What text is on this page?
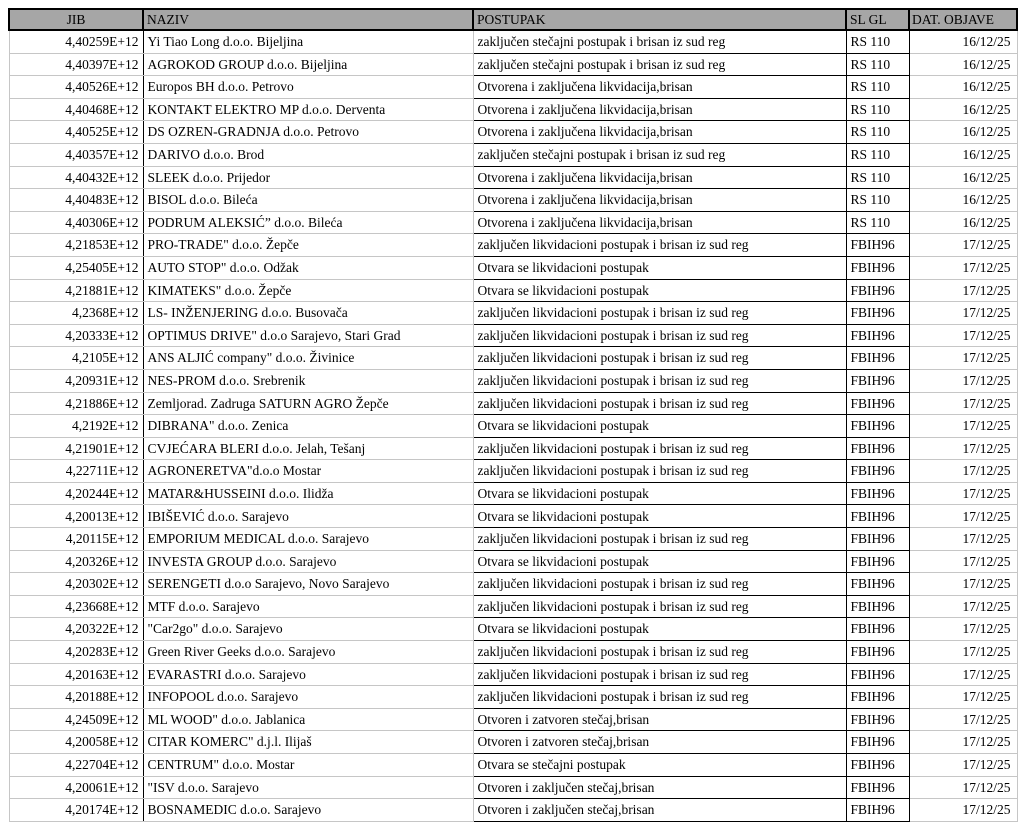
JIB	NAZIV	POSTUPAK	SL GL	DAT. OBJAVE
4,40259E+12	Yi Tiao Long d.o.o. Bijeljina	zaključen stečajni postupak i brisan iz sud reg	RS 110	16/12/25
4,40397E+12	AGROKOD GROUP d.o.o. Bijeljina	zaključen stečajni postupak i brisan iz sud reg	RS 110	16/12/25
4,40526E+12	Europos BH d.o.o. Petrovo	Otvorena i zaključena likvidacija,brisan	RS 110	16/12/25
4,40468E+12	KONTAKT ELEKTRO MP d.o.o. Derventa	Otvorena i zaključena likvidacija,brisan	RS 110	16/12/25
4,40525E+12	DS OZREN-GRADNJA d.o.o. Petrovo	Otvorena i zaključena likvidacija,brisan	RS 110	16/12/25
4,40357E+12	DARIVO d.o.o. Brod	zaključen stečajni postupak i brisan iz sud reg	RS 110	16/12/25
4,40432E+12	SLEEK d.o.o. Prijedor	Otvorena i zaključena likvidacija,brisan	RS 110	16/12/25
4,40483E+12	BISOL d.o.o. Bileća	Otvorena i zaključena likvidacija,brisan	RS 110	16/12/25
4,40306E+12	PODRUM ALEKSIĆ” d.o.o. Bileća	Otvorena i zaključena likvidacija,brisan	RS 110	16/12/25
4,21853E+12	PRO-TRADE" d.o.o. Žepče	zaključen likvidacioni postupak i brisan iz sud reg	FBIH96	17/12/25
4,25405E+12	AUTO STOP" d.o.o. Odžak	Otvara se likvidacioni postupak	FBIH96	17/12/25
4,21881E+12	KIMATEKS" d.o.o. Žepče	Otvara se likvidacioni postupak	FBIH96	17/12/25
4,2368E+12	LS- INŽENJERING d.o.o. Busovača	zaključen likvidacioni postupak i brisan iz sud reg	FBIH96	17/12/25
4,20333E+12	OPTIMUS DRIVE" d.o.o Sarajevo, Stari Grad	zaključen likvidacioni postupak i brisan iz sud reg	FBIH96	17/12/25
4,2105E+12	ANS ALJIĆ company" d.o.o. Živinice	zaključen likvidacioni postupak i brisan iz sud reg	FBIH96	17/12/25
4,20931E+12	NES-PROM d.o.o. Srebrenik	zaključen likvidacioni postupak i brisan iz sud reg	FBIH96	17/12/25
4,21886E+12	Zemljorad. Zadruga SATURN AGRO Žepče	zaključen likvidacioni postupak i brisan iz sud reg	FBIH96	17/12/25
4,2192E+12	DIBRANA" d.o.o. Zenica	Otvara se likvidacioni postupak	FBIH96	17/12/25
4,21901E+12	CVJEĆARA BLERI d.o.o. Jelah, Tešanj	zaključen likvidacioni postupak i brisan iz sud reg	FBIH96	17/12/25
4,22711E+12	AGRONERETVA"d.o.o Mostar	zaključen likvidacioni postupak i brisan iz sud reg	FBIH96	17/12/25
4,20244E+12	MATAR&HUSSEINI d.o.o. Ilidža	Otvara se likvidacioni postupak	FBIH96	17/12/25
4,20013E+12	IBIŠEVIĆ d.o.o. Sarajevo	Otvara se likvidacioni postupak	FBIH96	17/12/25
4,20115E+12	EMPORIUM MEDICAL d.o.o. Sarajevo	zaključen likvidacioni postupak i brisan iz sud reg	FBIH96	17/12/25
4,20326E+12	INVESTA GROUP d.o.o. Sarajevo	Otvara se likvidacioni postupak	FBIH96	17/12/25
4,20302E+12	SERENGETI d.o.o Sarajevo, Novo Sarajevo	zaključen likvidacioni postupak i brisan iz sud reg	FBIH96	17/12/25
4,23668E+12	MTF d.o.o. Sarajevo	zaključen likvidacioni postupak i brisan iz sud reg	FBIH96	17/12/25
4,20322E+12	"Car2go" d.o.o. Sarajevo	Otvara se likvidacioni postupak	FBIH96	17/12/25
4,20283E+12	Green River Geeks d.o.o. Sarajevo	zaključen likvidacioni postupak i brisan iz sud reg	FBIH96	17/12/25
4,20163E+12	EVARASTRI d.o.o. Sarajevo	zaključen likvidacioni postupak i brisan iz sud reg	FBIH96	17/12/25
4,20188E+12	INFOPOOL d.o.o. Sarajevo	zaključen likvidacioni postupak i brisan iz sud reg	FBIH96	17/12/25
4,24509E+12	ML WOOD" d.o.o. Jablanica	Otvoren i zatvoren stečaj,brisan	FBIH96	17/12/25
4,20058E+12	CITAR KOMERC" d.j.l. Ilijaš	Otvoren i zatvoren stečaj,brisan	FBIH96	17/12/25
4,22704E+12	CENTRUM" d.o.o. Mostar	Otvara se stečajni postupak	FBIH96	17/12/25
4,20061E+12	"ISV d.o.o. Sarajevo	Otvoren i zaključen stečaj,brisan	FBIH96	17/12/25
4,20174E+12	BOSNAMEDIC d.o.o. Sarajevo	Otvoren i zaključen stečaj,brisan	FBIH96	17/12/25
